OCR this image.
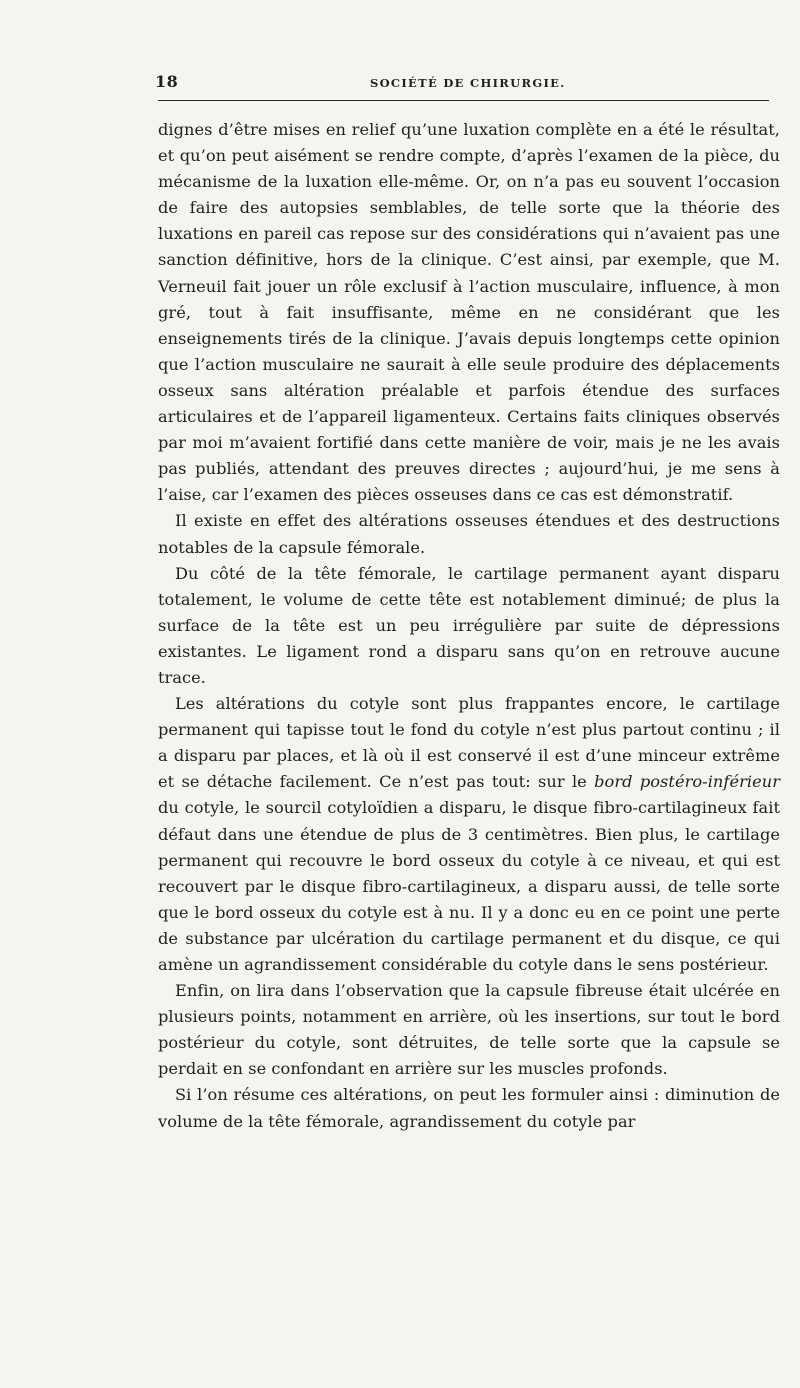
18	SOCIÉTÉ DE CHIRURGIE.

dignes d’être mises en relief qu’une luxation complète en a été le résultat, et qu’on peut aisément se rendre compte, d’après l’examen de la pièce, du mécanisme de la luxation elle-même. Or, on n’a pas eu souvent l’occasion de faire des autopsies semblables, de telle sorte que la théorie des luxations en pareil cas repose sur des considérations qui n’avaient pas une sanction définitive, hors de la clinique. C’est ainsi, par exemple, que M. Verneuil fait jouer un rôle exclusif à l’action musculaire, influence, à mon gré, tout à fait insuffisante, même en ne considérant que les enseignements tirés de la clinique. J’avais depuis longtemps cette opinion que l’action musculaire ne saurait à elle seule produire des déplacements osseux sans altération préalable et parfois étendue des surfaces articulaires et de l’appareil ligamenteux. Certains faits cliniques observés par moi m’avaient fortifié dans cette manière de voir, mais je ne les avais pas publiés, attendant des preuves directes ; aujourd’hui, je me sens à l’aise, car l’examen des pièces osseuses dans ce cas est démonstratif.

Il existe en effet des altérations osseuses étendues et des destructions notables de la capsule fémorale.

Du côté de la tête fémorale, le cartilage permanent ayant disparu totalement, le volume de cette tête est notablement diminué; de plus la surface de la tête est un peu irrégulière par suite de dépressions existantes. Le ligament rond a disparu sans qu’on en retrouve aucune trace.

Les altérations du cotyle sont plus frappantes encore, le cartilage permanent qui tapisse tout le fond du cotyle n’est plus partout continu ; il a disparu par places, et là où il est conservé il est d’une minceur extrême et se détache facilement. Ce n’est pas tout: sur le bord postéro-inférieur du cotyle, le sourcil cotyloïdien a disparu, le disque fibro-cartilagineux fait défaut dans une étendue de plus de 3 centimètres. Bien plus, le cartilage permanent qui recouvre le bord osseux du cotyle à ce niveau, et qui est recouvert par le disque fibro-cartilagineux, a disparu aussi, de telle sorte que le bord osseux du cotyle est à nu. Il y a donc eu en ce point une perte de substance par ulcération du cartilage permanent et du disque, ce qui amène un agrandissement considérable du cotyle dans le sens postérieur.

Enfin, on lira dans l’observation que la capsule fibreuse était ulcérée en plusieurs points, notamment en arrière, où les insertions, sur tout le bord postérieur du cotyle, sont détruites, de telle sorte que la capsule se perdait en se confondant en arrière sur les muscles profonds.

Si l’on résume ces altérations, on peut les formuler ainsi : diminution de volume de la tête fémorale, agrandissement du cotyle par
